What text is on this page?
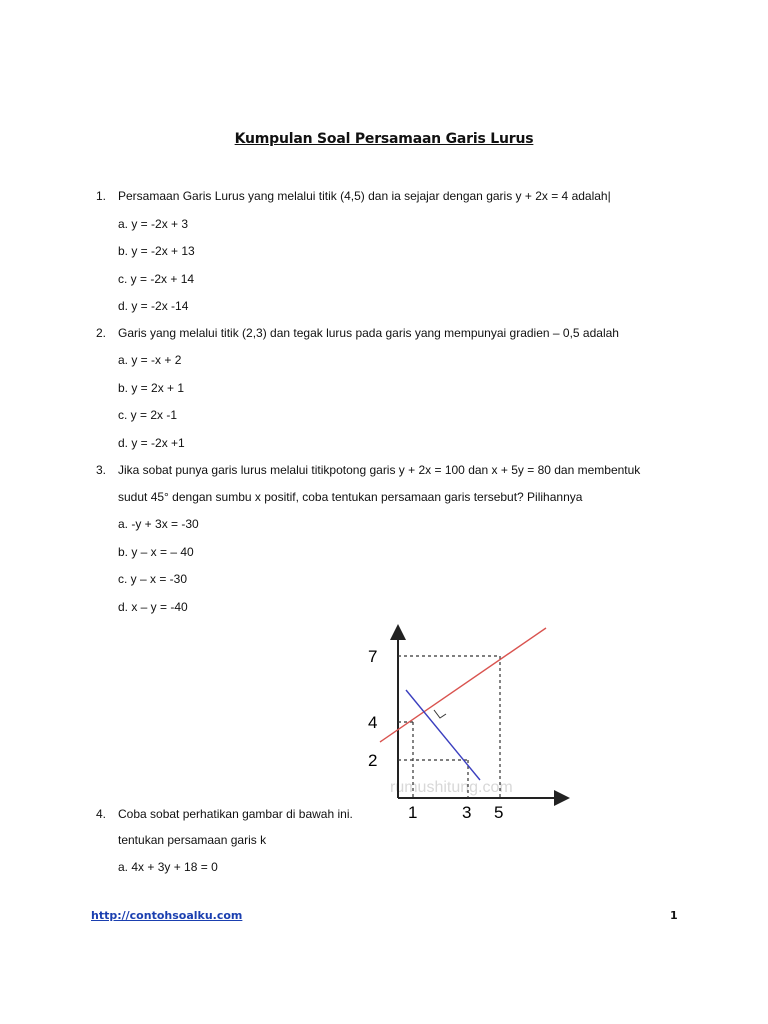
Kumpulan Soal Persamaan Garis Lurus
1. Persamaan Garis Lurus yang melalui titik (4,5) dan ia sejajar dengan garis y + 2x = 4 adalah|
a. y = -2x + 3
b. y = -2x + 13
c. y = -2x + 14
d. y = -2x -14
2. Garis yang melalui titik (2,3) dan tegak lurus pada garis yang mempunyai gradien – 0,5 adalah
a. y = -x + 2
b. y = 2x + 1
c. y = 2x -1
d. y = -2x +1
3. Jika sobat punya garis lurus melalui titikpotong garis y + 2x = 100 dan x + 5y = 80 dan membentuk
sudut 45° dengan sumbu x positif, coba tentukan persamaan garis tersebut? Pilihannya
a. -y + 3x = -30
b. y – x = – 40
c. y – x = -30
d. x – y = -40
rumushitung.com
7
4
2
1	3 5
4. Coba sobat perhatikan gambar di bawah ini.
tentukan persamaan garis k
a. 4x + 3y + 18 = 0
http://contohsoalku.com	1
